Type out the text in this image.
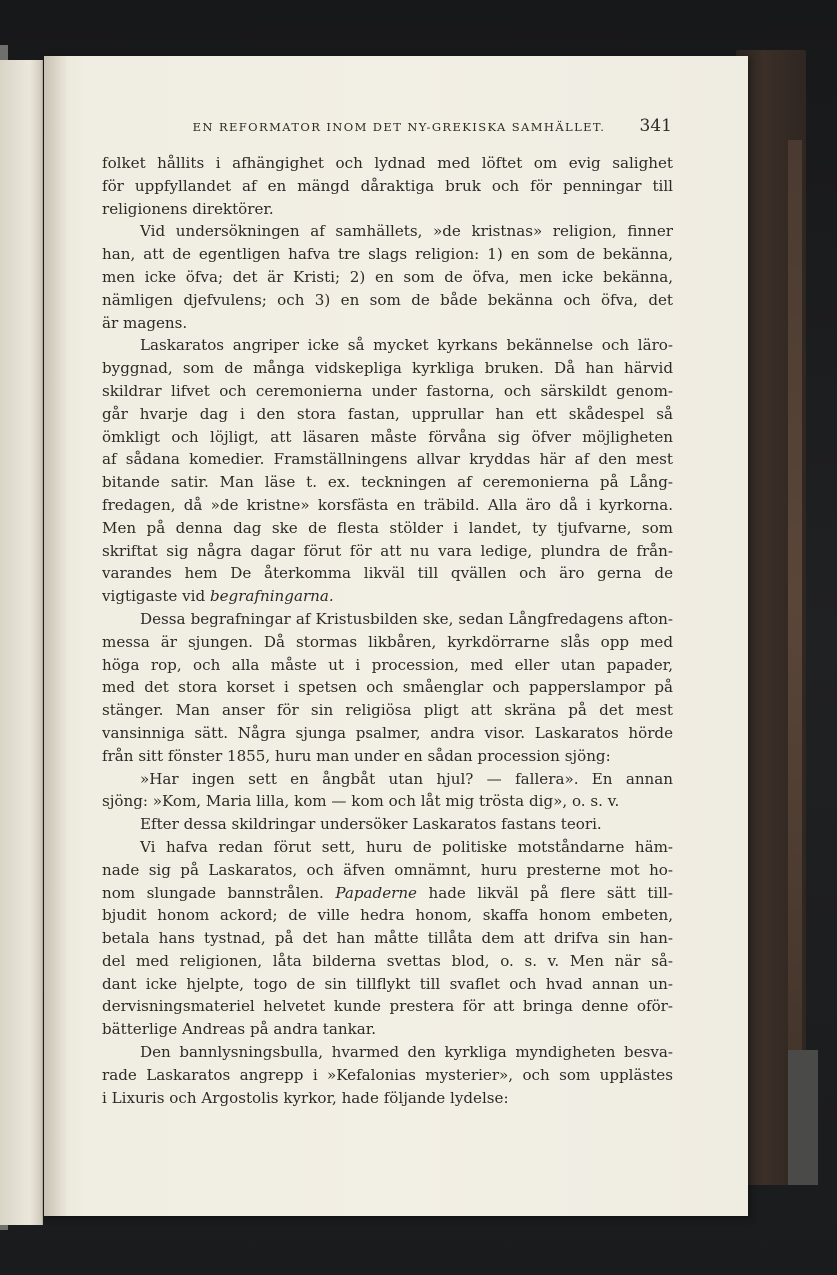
EN REFORMATOR INOM DET NY-GREKISKA SAMHÄLLET.	341
folket hållits i afhängighet och lydnad med löftet om evig salighet
för uppfyllandet af en mängd dåraktiga bruk och för penningar till
religionens direktörer.
Vid undersökningen af samhällets, »de kristnas» religion, finner
han, att de egentligen hafva tre slags religion: 1) en som de bekänna,
men icke öfva; det är Kristi; 2) en som de öfva, men icke bekänna,
nämligen djefvulens; och 3) en som de både bekänna och öfva, det
är magens.
Laskaratos angriper icke så mycket kyrkans bekännelse och läro-
byggnad, som de många vidskepliga kyrkliga bruken. Då han härvid
skildrar lifvet och ceremonierna under fastorna, och särskildt genom-
går hvarje dag i den stora fastan, upprullar han ett skådespel så
ömkligt och löjligt, att läsaren måste förvåna sig öfver möjligheten
af sådana komedier. Framställningens allvar kryddas här af den mest
bitande satir. Man läse t. ex. teckningen af ceremonierna på Lång-
fredagen, då »de kristne» korsfästa en träbild. Alla äro då i kyrkorna.
Men på denna dag ske de flesta stölder i landet, ty tjufvarne, som
skriftat sig några dagar förut för att nu vara ledige, plundra de från-
varandes hem De återkomma likväl till qvällen och äro gerna de
vigtigaste vid begrafningarna.
Dessa begrafningar af Kristusbilden ske, sedan Långfredagens afton-
messa är sjungen. Då stormas likbåren, kyrkdörrarne slås opp med
höga rop, och alla måste ut i procession, med eller utan papader,
med det stora korset i spetsen och småenglar och papperslampor på
stänger. Man anser för sin religiösa pligt att skräna på det mest
vansinniga sätt. Några sjunga psalmer, andra visor. Laskaratos hörde
från sitt fönster 1855, huru man under en sådan procession sjöng:
»Har ingen sett en ångbåt utan hjul? — fallera». En annan
sjöng: »Kom, Maria lilla, kom — kom och låt mig trösta dig», o. s. v.
Efter dessa skildringar undersöker Laskaratos fastans teori.
Vi hafva redan förut sett, huru de politiske motståndarne häm-
nade sig på Laskaratos, och äfven omnämnt, huru presterne mot ho-
nom slungade bannstrålen. Papaderne hade likväl på flere sätt till-
bjudit honom ackord; de ville hedra honom, skaffa honom embeten,
betala hans tystnad, på det han måtte tillåta dem att drifva sin han-
del med religionen, låta bilderna svettas blod, o. s. v. Men när så-
dant icke hjelpte, togo de sin tillflykt till svaflet och hvad annan un-
dervisningsmateriel helvetet kunde prestera för att bringa denne oför-
bätterlige Andreas på andra tankar.
Den bannlysningsbulla, hvarmed den kyrkliga myndigheten besva-
rade Laskaratos angrepp i »Kefalonias mysterier», och som upplästes
i Lixuris och Argostolis kyrkor, hade följande lydelse:
